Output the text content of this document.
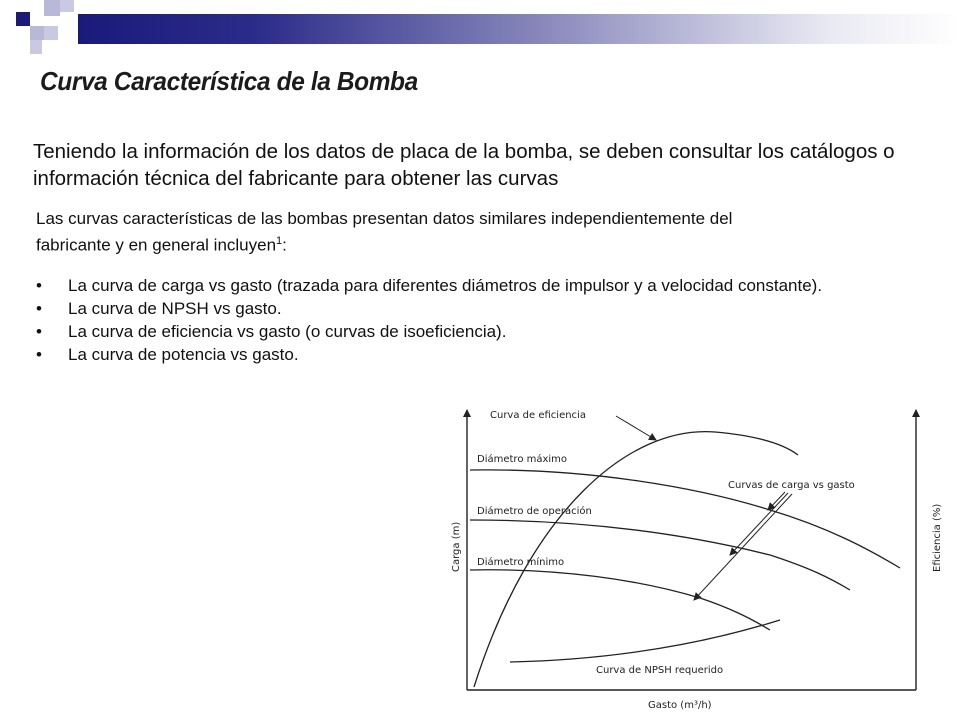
Curva Característica de la Bomba
Teniendo la información de los datos de placa de la bomba, se deben consultar los catálogos o información técnica del fabricante para obtener las curvas
Las curvas características de las bombas presentan datos similares independientemente del fabricante y en general incluyen$^1$:
• La curva de carga vs gasto (trazada para diferentes diámetros de impulsor y a velocidad constante).
• La curva de NPSH vs gasto.
• La curva de eficiencia vs gasto (o curvas de isoeficiencia).
• La curva de potencia vs gasto.
Curva de eficiencia
Diámetro máximo
Curvas de carga vs gasto
Diámetro de operación
Diámetro mínimo
Curva de NPSH requerido
Carga (m)	Eficiencia (%)
Gasto (m³/h)
